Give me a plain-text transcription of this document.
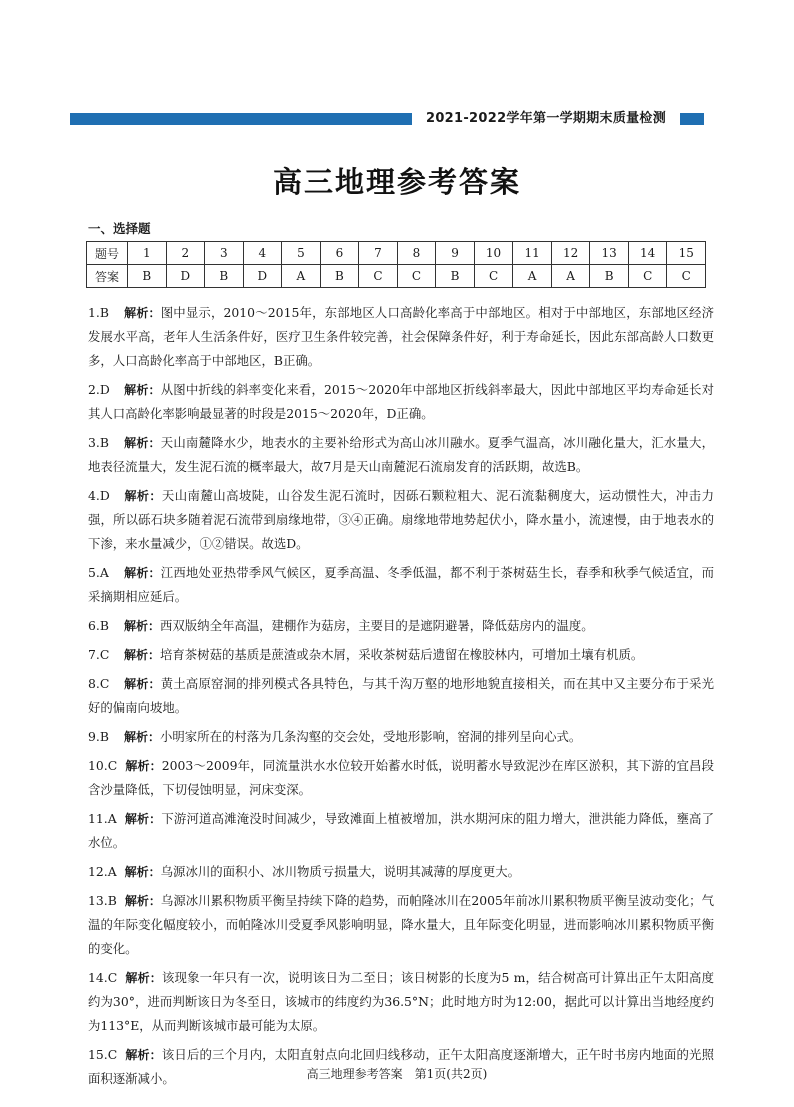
2021-2022学年第一学期期末质量检测
高三地理参考答案
一、选择题
题号	1	2	3	4	5	6	7	8	9	10	11	12	13	14	15
答案	B	D	B	D	A	B	C	C	B	C	A	A	B	C	C
1.B 解析：图中显示，2010～2015年，东部地区人口高龄化率高于中部地区。相对于中部地区，东部地区经济发展水平高，老年人生活条件好，医疗卫生条件较完善，社会保障条件好，利于寿命延长，因此东部高龄人口数更多，人口高龄化率高于中部地区，B正确。
2.D 解析：从图中折线的斜率变化来看，2015～2020年中部地区折线斜率最大，因此中部地区平均寿命延长对其人口高龄化率影响最显著的时段是2015～2020年，D正确。
3.B 解析：天山南麓降水少，地表水的主要补给形式为高山冰川融水。夏季气温高，冰川融化量大，汇水量大，地表径流量大，发生泥石流的概率最大，故7月是天山南麓泥石流扇发育的活跃期，故选B。
4.D 解析：天山南麓山高坡陡，山谷发生泥石流时，因砾石颗粒粗大、泥石流黏稠度大，运动惯性大，冲击力强，所以砾石块多随着泥石流带到扇缘地带，③④正确。扇缘地带地势起伏小，降水量小，流速慢，由于地表水的下渗，来水量减少，①②错误。故选D。
5.A 解析：江西地处亚热带季风气候区，夏季高温、冬季低温，都不利于茶树菇生长，春季和秋季气候适宜，而采摘期相应延后。
6.B 解析：西双版纳全年高温，建棚作为菇房，主要目的是遮阴避暑，降低菇房内的温度。
7.C 解析：培育茶树菇的基质是蔗渣或杂木屑，采收茶树菇后遗留在橡胶林内，可增加土壤有机质。
8.C 解析：黄土高原窑洞的排列模式各具特色，与其千沟万壑的地形地貌直接相关，而在其中又主要分布于采光好的偏南向坡地。
9.B 解析：小明家所在的村落为几条沟壑的交会处，受地形影响，窑洞的排列呈向心式。
10.C 解析：2003～2009年，同流量洪水水位较开始蓄水时低，说明蓄水导致泥沙在库区淤积，其下游的宜昌段含沙量降低，下切侵蚀明显，河床变深。
11.A 解析：下游河道高滩淹没时间减少，导致滩面上植被增加，洪水期河床的阻力增大，泄洪能力降低，壅高了水位。
12.A 解析：乌源冰川的面积小、冰川物质亏损量大，说明其减薄的厚度更大。
13.B 解析：乌源冰川累积物质平衡呈持续下降的趋势，而帕隆冰川在2005年前冰川累积物质平衡呈波动变化；气温的年际变化幅度较小，而帕隆冰川受夏季风影响明显，降水量大，且年际变化明显，进而影响冰川累积物质平衡的变化。
14.C 解析：该现象一年只有一次，说明该日为二至日；该日树影的长度为5 m，结合树高可计算出正午太阳高度约为30°，进而判断该日为冬至日，该城市的纬度约为36.5°N；此时地方时为12:00，据此可以计算出当地经度约为113°E，从而判断该城市最可能为太原。
15.C 解析：该日后的三个月内，太阳直射点向北回归线移动，正午太阳高度逐渐增大，正午时书房内地面的光照面积逐渐减小。	高三地理参考答案　第1页(共2页)
